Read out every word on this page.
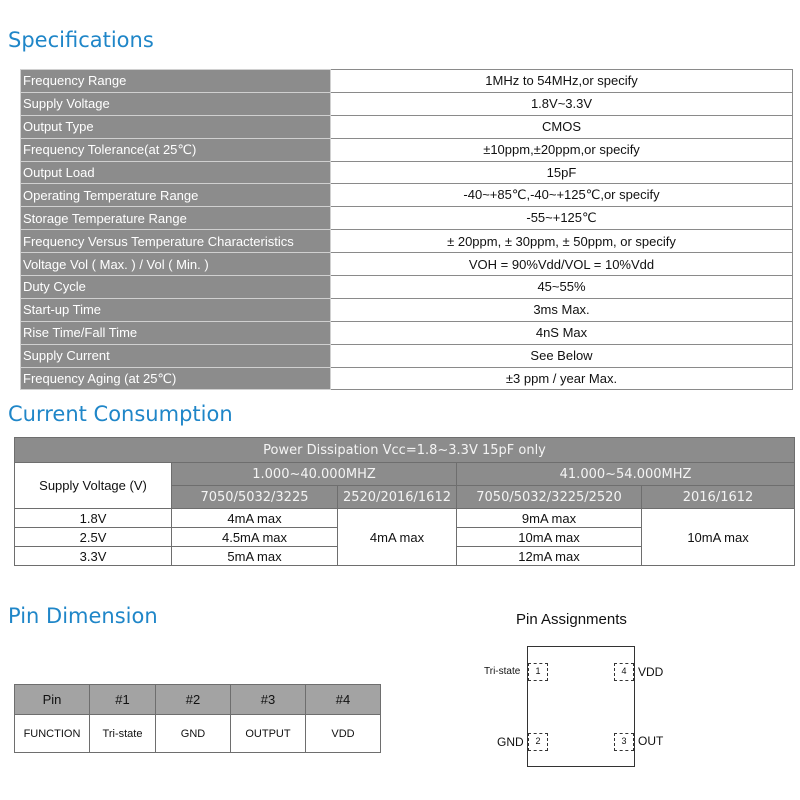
Specifications
Frequency Range	1MHz to 54MHz,or specify
Supply Voltage	1.8V~3.3V
Output Type	CMOS
Frequency Tolerance(at 25℃)	±10ppm,±20ppm,or specify
Output Load	15pF
Operating Temperature Range	-40~+85℃,-40~+125℃,or specify
Storage Temperature Range	-55~+125℃
Frequency Versus Temperature Characteristics	± 20ppm, ± 30ppm, ± 50ppm, or specify
Voltage Vol ( Max. ) / Vol ( Min. )	VOH = 90%Vdd/VOL = 10%Vdd
Duty Cycle	45~55%
Start-up Time	3ms Max.
Rise Time/Fall Time	4nS Max
Supply Current	See Below
Frequency Aging (at 25℃)	±3 ppm / year Max.
Current Consumption
Power Dissipation Vcc=1.8~3.3V 15pF only				
Supply Voltage (V)	1.000~40.000MHZ		41.000~54.000MHZ	
	7050/5032/3225	2520/2016/1612	7050/5032/3225/2520	2016/1612
1.8V	4mA max	4mA max	9mA max	10mA max
2.5V	4.5mA max		10mA max	
3.3V	5mA max		12mA max	
Pin Dimension
Pin	#1	#2	#3	#4
FUNCTION	Tri-state	GND	OUTPUT	VDD
Pin Assignments
1
Tri-state
2
GND	3 OUT
4 VDD
